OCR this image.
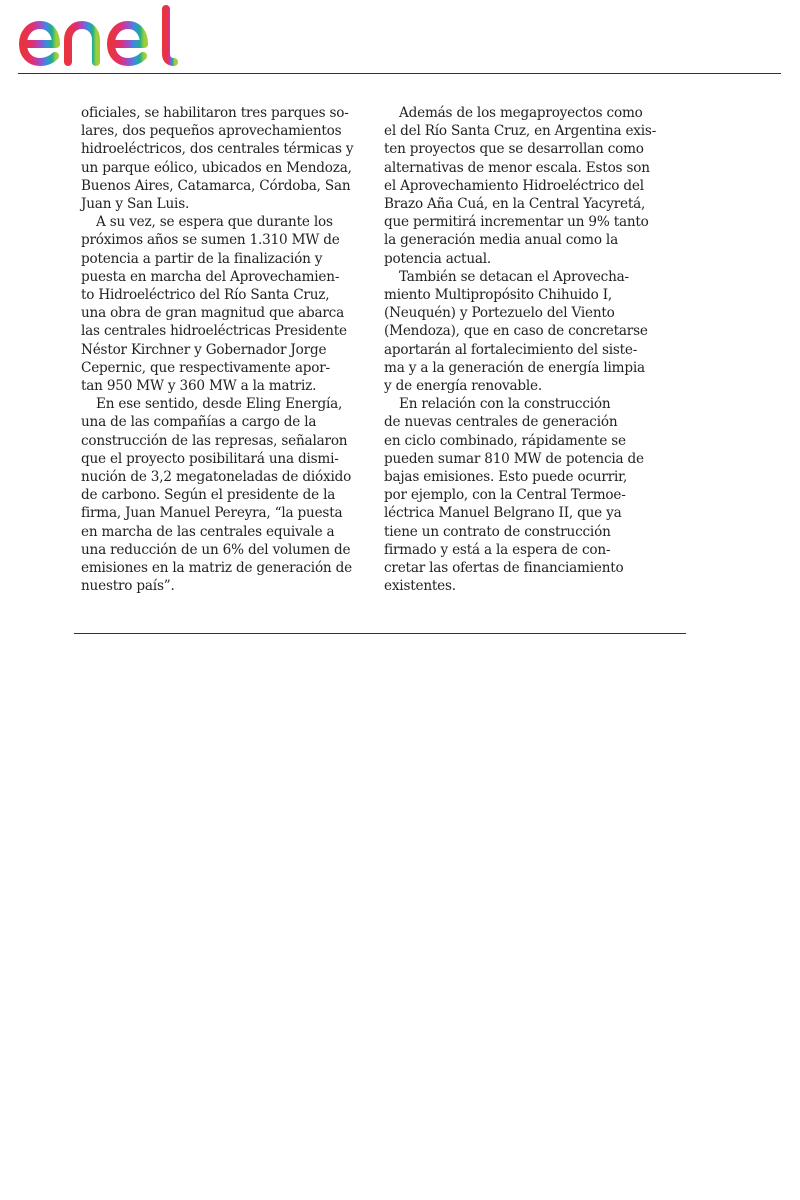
oficiales, se habilitaron tres parques so-
lares, dos pequeños aprovechamientos
hidroeléctricos, dos centrales térmicas y
un parque eólico, ubicados en Mendoza,
Buenos Aires, Catamarca, Córdoba, San
Juan y San Luis.

A su vez, se espera que durante los
próximos años se sumen 1.310 MW de
potencia a partir de la finalización y
puesta en marcha del Aprovechamien-
to Hidroeléctrico del Río Santa Cruz,
una obra de gran magnitud que abarca
las centrales hidroeléctricas Presidente
Néstor Kirchner y Gobernador Jorge
Cepernic, que respectivamente apor-
tan 950 MW y 360 MW a la matriz.

En ese sentido, desde Eling Energía,
una de las compañías a cargo de la
construcción de las represas, señalaron
que el proyecto posibilitará una dismi-
nución de 3,2 megatoneladas de dióxido
de carbono. Según el presidente de la
firma, Juan Manuel Pereyra, “la puesta
en marcha de las centrales equivale a
una reducción de un 6% del volumen de
emisiones en la matriz de generación de
nuestro país”.

Además de los megaproyectos como
el del Río Santa Cruz, en Argentina exis-
ten proyectos que se desarrollan como
alternativas de menor escala. Estos son
el Aprovechamiento Hidroeléctrico del
Brazo Aña Cuá, en la Central Yacyretá,
que permitirá incrementar un 9% tanto
la generación media anual como la
potencia actual.

También se detacan el Aprovecha-
miento Multipropósito Chihuido I,
(Neuquén) y Portezuelo del Viento
(Mendoza), que en caso de concretarse
aportarán al fortalecimiento del siste-
ma y a la generación de energía limpia
y de energía renovable.

En relación con la construcción
de nuevas centrales de generación
en ciclo combinado, rápidamente se
pueden sumar 810 MW de potencia de
bajas emisiones. Esto puede ocurrir,
por ejemplo, con la Central Termoe-
léctrica Manuel Belgrano II, que ya
tiene un contrato de construcción
firmado y está a la espera de con-
cretar las ofertas de financiamiento
existentes.
